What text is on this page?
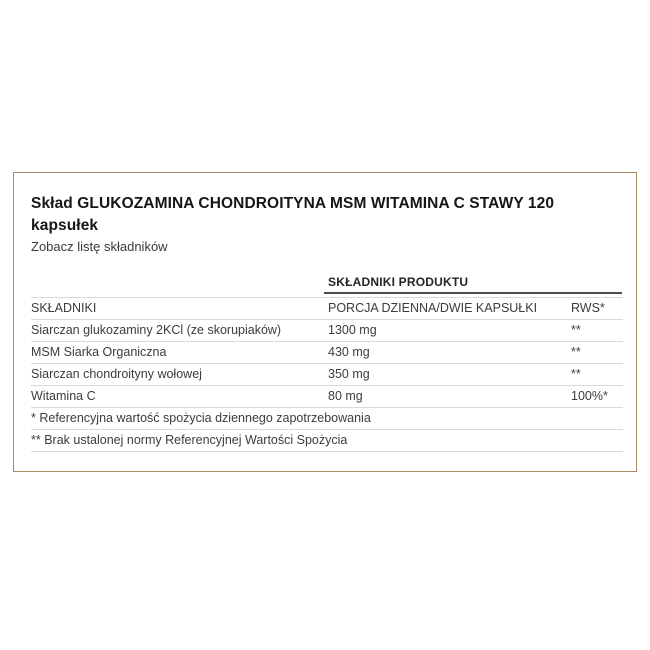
Skład GLUKOZAMINA CHONDROITYNA MSM WITAMINA C STAWY 120 kapsułek
Zobacz listę składników
SKŁADNIKI PRODUKTU
SKŁADNIKI	PORCJA DZIENNA/DWIE KAPSUŁKI	RWS*
Siarczan glukozaminy 2KCl (ze skorupiaków)	1300 mg	**
MSM Siarka Organiczna	430 mg	**
Siarczan chondroityny wołowej	350 mg	**
Witamina C	80 mg	100%*
* Referencyjna wartość spożycia dziennego zapotrzebowania
** Brak ustalonej normy Referencyjnej Wartości Spożycia
